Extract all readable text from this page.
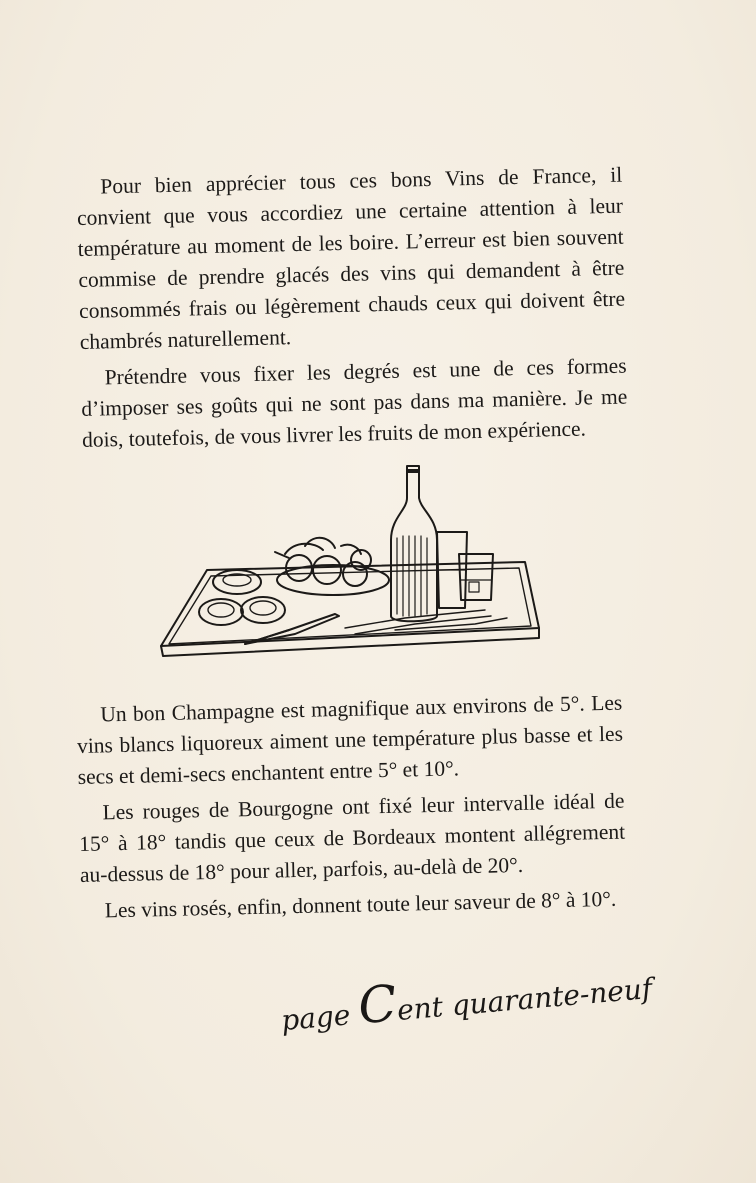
Pour bien apprécier tous ces bons Vins de France, il convient que vous accordiez une certaine attention à leur température au moment de les boire. L’erreur est bien souvent commise de prendre glacés des vins qui demandent à être consommés frais ou légèrement chauds ceux qui doivent être chambrés naturellement.

Prétendre vous fixer les degrés est une de ces formes d’imposer ses goûts qui ne sont pas dans ma manière. Je me dois, toutefois, de vous livrer les fruits de mon expérience.

Un bon Champagne est magnifique aux environs de 5°. Les vins blancs liquoreux aiment une température plus basse et les secs et demi-secs enchantent entre 5° et 10°.

Les rouges de Bourgogne ont fixé leur intervalle idéal de 15° à 18° tandis que ceux de Bordeaux montent allégrement au-dessus de 18° pour aller, parfois, au-delà de 20°.

Les vins rosés, enfin, donnent toute leur saveur de 8° à 10°.

page Cent quarante-neuf
